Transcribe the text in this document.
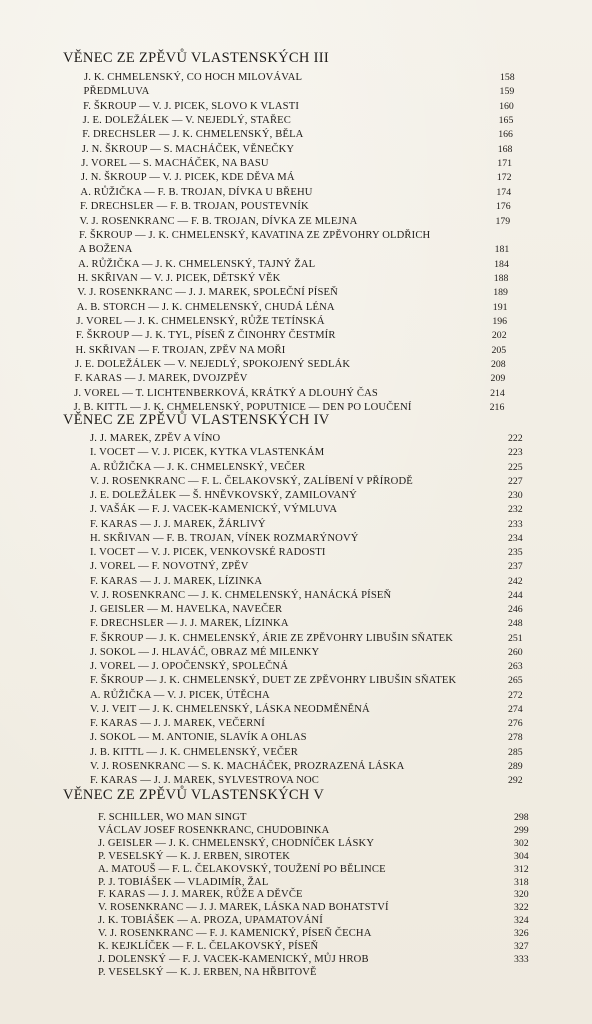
VĚNEC ZE ZPĚVŮ VLASTENSKÝCH III
J. K. CHMELENSKÝ, CO HOCH MILOVÁVAL	158
PŘEDMLUVA	159
F. ŠKROUP — V. J. PICEK, SLOVO K VLASTI	160
J. E. DOLEŽÁLEK — V. NEJEDLÝ, STAŘEC	165
F. DRECHSLER — J. K. CHMELENSKÝ, BĚLA	166
J. N. ŠKROUP — S. MACHÁČEK, VĚNEČKY	168
J. VOREL — S. MACHÁČEK, NA BASU	171
J. N. ŠKROUP — V. J. PICEK, KDE DĚVA MÁ	172
A. RŮŽIČKA — F. B. TROJAN, DÍVKA U BŘEHU	174
F. DRECHSLER — F. B. TROJAN, POUSTEVNÍK	176
V. J. ROSENKRANC — F. B. TROJAN, DÍVKA ZE MLEJNA	179
F. ŠKROUP — J. K. CHMELENSKÝ, KAVATINA ZE ZPĚVOHRY OLDŘICH
A BOŽENA	181
A. RŮŽIČKA — J. K. CHMELENSKÝ, TAJNÝ ŽAL	184
H. SKŘIVAN — V. J. PICEK, DĚTSKÝ VĚK	188
V. J. ROSENKRANC — J. J. MAREK, SPOLEČNÍ PÍSEŇ	189
A. B. STORCH — J. K. CHMELENSKÝ, CHUDÁ LÉNA	191
J. VOREL — J. K. CHMELENSKÝ, RŮŽE TETÍNSKÁ	196
F. ŠKROUP — J. K. TYL, PÍSEŇ Z ČINOHRY ČESTMÍR	202
H. SKŘIVAN — F. TROJAN, ZPĚV NA MOŘI	205
J. E. DOLEŽÁLEK — V. NEJEDLÝ, SPOKOJENÝ SEDLÁK	208
F. KARAS — J. MAREK, DVOJZPĚV	209
J. VOREL — T. LICHTENBERKOVÁ, KRÁTKÝ A DLOUHÝ ČAS	214
J. B. KITTL — J. K. CHMELENSKÝ, POPUTNICE — DEN PO LOUČENÍ	216
VĚNEC ZE ZPĚVŮ VLASTENSKÝCH IV
J. J. MAREK, ZPĚV A VÍNO	222
I. VOCET — V. J. PICEK, KYTKA VLASTENKÁM	223
A. RŮŽIČKA — J. K. CHMELENSKÝ, VEČER	225
V. J. ROSENKRANC — F. L. ČELAKOVSKÝ, ZALÍBENÍ V PŘÍRODĚ	227
J. E. DOLEŽÁLEK — Š. HNĚVKOVSKÝ, ZAMILOVANÝ	230
J. VAŠÁK — F. J. VACEK-KAMENICKÝ, VÝMLUVA	232
F. KARAS — J. J. MAREK, ŽÁRLIVÝ	233
H. SKŘIVAN — F. B. TROJAN, VÍNEK ROZMARÝNOVÝ	234
I. VOCET — V. J. PICEK, VENKOVSKÉ RADOSTI	235
J. VOREL — F. NOVOTNÝ, ZPĚV	237
F. KARAS — J. J. MAREK, LÍZINKA	242
V. J. ROSENKRANC — J. K. CHMELENSKÝ, HANÁCKÁ PÍSEŇ	244
J. GEISLER — M. HAVELKA, NAVEČER	246
F. DRECHSLER — J. J. MAREK, LÍZINKA	248
F. ŠKROUP — J. K. CHMELENSKÝ, ÁRIE ZE ZPĚVOHRY LIBUŠIN SŇATEK	251
J. SOKOL — J. HLAVÁČ, OBRAZ MÉ MILENKY	260
J. VOREL — J. OPOČENSKÝ, SPOLEČNÁ	263
F. ŠKROUP — J. K. CHMELENSKÝ, DUET ZE ZPĚVOHRY LIBUŠIN SŇATEK	265
A. RŮŽIČKA — V. J. PICEK, ÚTĚCHA	272
V. J. VEIT — J. K. CHMELENSKÝ, LÁSKA NEODMĚNĚNÁ	274
F. KARAS — J. J. MAREK, VEČERNÍ	276
J. SOKOL — M. ANTONIE, SLAVÍK A OHLAS	278
J. B. KITTL — J. K. CHMELENSKÝ, VEČER	285
V. J. ROSENKRANC — S. K. MACHÁČEK, PROZRAZENÁ LÁSKA	289
F. KARAS — J. J. MAREK, SYLVESTROVA NOC	292
VĚNEC ZE ZPĚVŮ VLASTENSKÝCH V
F. SCHILLER, WO MAN SINGT	298
VÁCLAV JOSEF ROSENKRANC, CHUDOBINKA	299
J. GEISLER — J. K. CHMELENSKÝ, CHODNÍČEK LÁSKY	302
P. VESELSKÝ — K. J. ERBEN, SIROTEK	304
A. MATOUŠ — F. L. ČELAKOVSKÝ, TOUŽENÍ PO BĚLINCE	312
P. J. TOBIÁŠEK — VLADIMÍR, ŽAL	318
F. KARAS — J. J. MAREK, RŮŽE A DĚVČE	320
V. ROSENKRANC — J. J. MAREK, LÁSKA NAD BOHATSTVÍ	322
J. K. TOBIÁŠEK — A. PROZA, UPAMATOVÁNÍ	324
V. J. ROSENKRANC — F. J. KAMENICKÝ, PÍSEŇ ČECHA	326
K. KEJKLÍČEK — F. L. ČELAKOVSKÝ, PÍSEŇ	327
J. DOLENSKÝ — F. J. VACEK-KAMENICKÝ, MŮJ HROB	333
P. VESELSKÝ — K. J. ERBEN, NA HŘBITOVĚ
